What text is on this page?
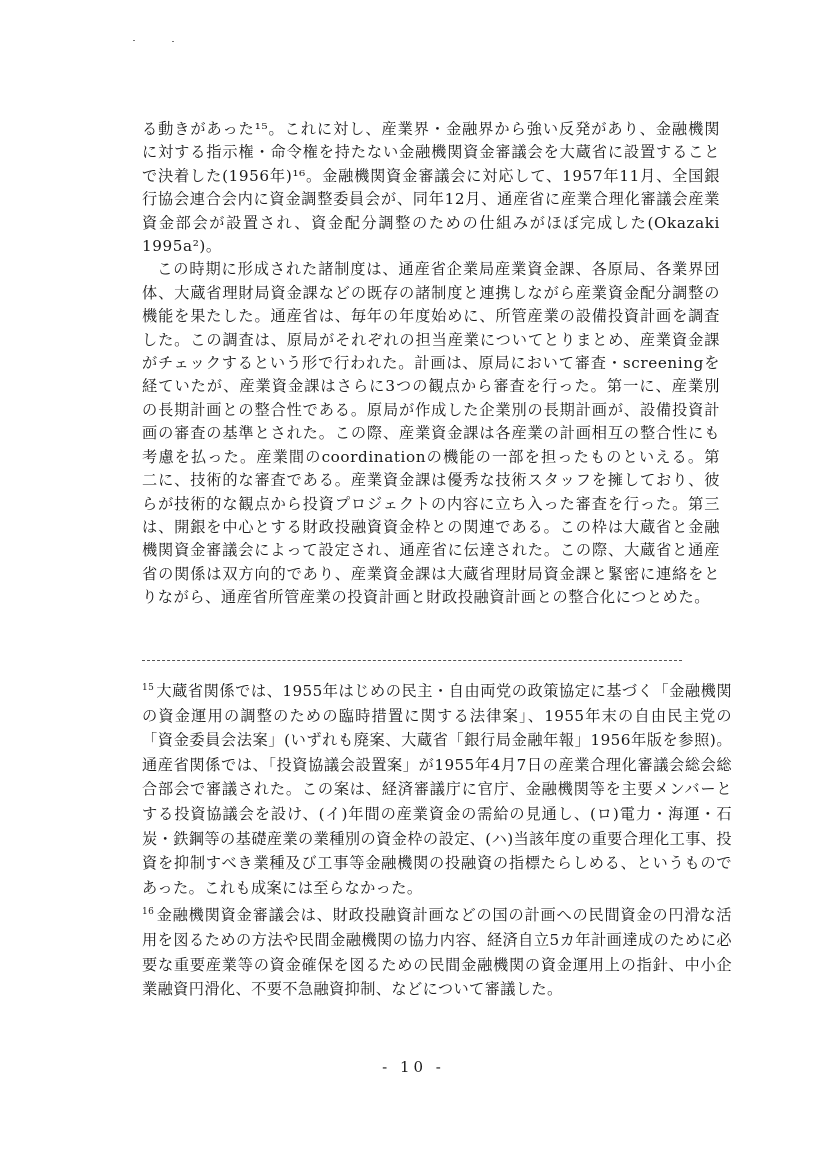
る動きがあった¹⁵。これに対し、産業界・金融界から強い反発があり、金融機関に対する指示権・命令権を持たない金融機関資金審議会を大蔵省に設置することで決着した(1956年)¹⁶。金融機関資金審議会に対応して、1957年11月、全国銀行協会連合会内に資金調整委員会が、同年12月、通産省に産業合理化審議会産業資金部会が設置され、資金配分調整のための仕組みがほぼ完成した(Okazaki 1995a²)。

この時期に形成された諸制度は、通産省企業局産業資金課、各原局、各業界団体、大蔵省理財局資金課などの既存の諸制度と連携しながら産業資金配分調整の機能を果たした。通産省は、毎年の年度始めに、所管産業の設備投資計画を調査した。この調査は、原局がそれぞれの担当産業についてとりまとめ、産業資金課がチェックするという形で行われた。計画は、原局において審査・screeningを経ていたが、産業資金課はさらに3つの観点から審査を行った。第一に、産業別の長期計画との整合性である。原局が作成した企業別の長期計画が、設備投資計画の審査の基準とされた。この際、産業資金課は各産業の計画相互の整合性にも考慮を払った。産業間のcoordinationの機能の一部を担ったものといえる。第二に、技術的な審査である。産業資金課は優秀な技術スタッフを擁しており、彼らが技術的な観点から投資プロジェクトの内容に立ち入った審査を行った。第三は、開銀を中心とする財政投融資資金枠との関連である。この枠は大蔵省と金融機関資金審議会によって設定され、通産省に伝達された。この際、大蔵省と通産省の関係は双方向的であり、産業資金課は大蔵省理財局資金課と緊密に連絡をとりながら、通産省所管産業の投資計画と財政投融資計画との整合化につとめた。

$^{15}$ 大蔵省関係では、1955年はじめの民主・自由両党の政策協定に基づく「金融機関の資金運用の調整のための臨時措置に関する法律案」、1955年末の自由民主党の「資金委員会法案」(いずれも廃案、大蔵省「銀行局金融年報」1956年版を参照)。通産省関係では、「投資協議会設置案」が1955年4月7日の産業合理化審議会総会総合部会で審議された。この案は、経済審議庁に官庁、金融機関等を主要メンバーとする投資協議会を設け、(イ)年間の産業資金の需給の見通し、(ロ)電力・海運・石炭・鉄鋼等の基礎産業の業種別の資金枠の設定、(ハ)当該年度の重要合理化工事、投資を抑制すべき業種及び工事等金融機関の投融資の指標たらしめる、というものであった。これも成案には至らなかった。

$^{16}$ 金融機関資金審議会は、財政投融資計画などの国の計画への民間資金の円滑な活用を図るための方法や民間金融機関の協力内容、経済自立5カ年計画達成のために必要な重要産業等の資金確保を図るための民間金融機関の資金運用上の指針、中小企業融資円滑化、不要不急融資抑制、などについて審議した。

- 10 -
